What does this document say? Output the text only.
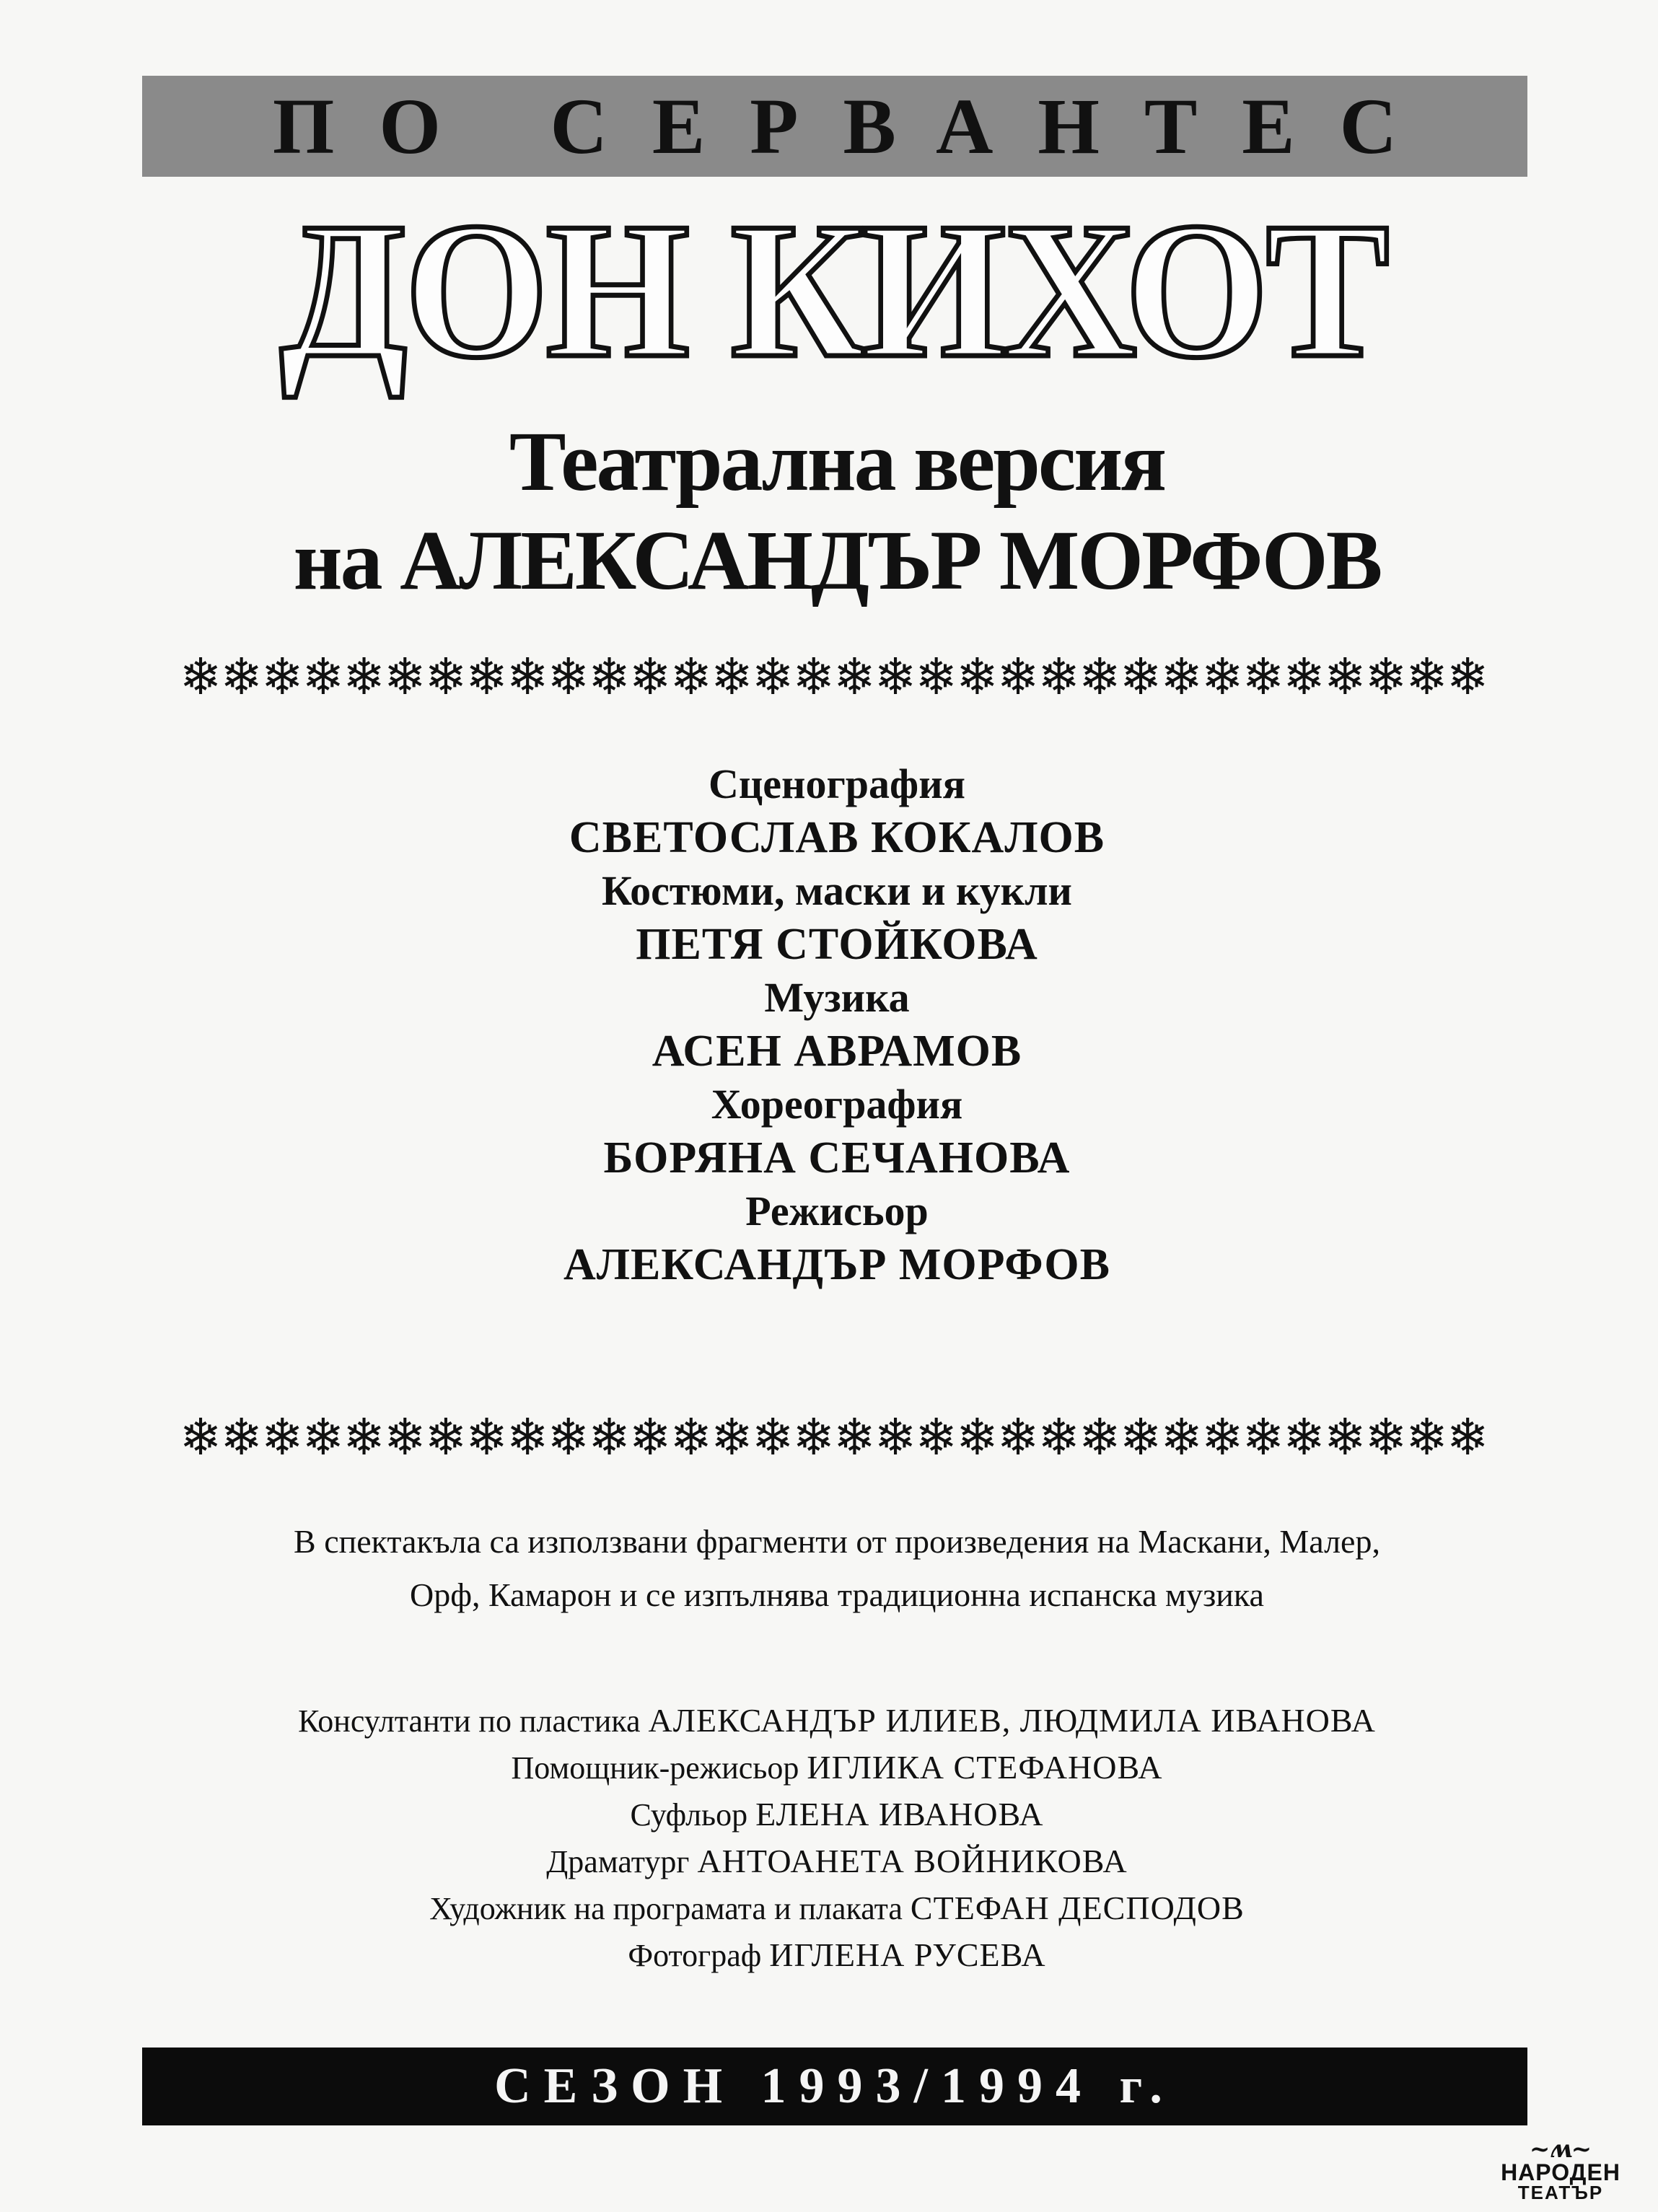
ПО СЕРВАНТЕС
ДОН КИХОТ
Театрална версия
на АЛЕКСАНДЪР МОРФОВ
❄❄❄❄❄❄❄❄❄❄❄❄❄❄❄❄❄❄❄❄❄❄❄❄❄❄❄❄❄❄❄❄
Сценография
СВЕТОСЛАВ КОКАЛОВ
Костюми, маски и кукли
ПЕТЯ СТОЙКОВА
Музика
АСЕН АВРАМОВ
Хореография
БОРЯНА СЕЧАНОВА
Режисьор
АЛЕКСАНДЪР МОРФОВ
❄❄❄❄❄❄❄❄❄❄❄❄❄❄❄❄❄❄❄❄❄❄❄❄❄❄❄❄❄❄❄❄
В спектакъла са използвани фрагменти от произведения на Маскани, Малер,
Орф, Камарон и се изпълнява традиционна испанска музика
Консултанти по пластика АЛЕКСАНДЪР ИЛИЕВ, ЛЮДМИЛА ИВАНОВА
Помощник-режисьор ИГЛИКА СТЕФАНОВА
Суфльор ЕЛЕНА ИВАНОВА
Драматург АНТОАНЕТА ВОЙНИКОВА
Художник на програмата и плаката СТЕФАН ДЕСПОДОВ
Фотограф ИГЛЕНА РУСЕВА
СЕЗОН 1993/1994 г.
~ʍ~
НАРОДЕН
ТЕАТЪР
